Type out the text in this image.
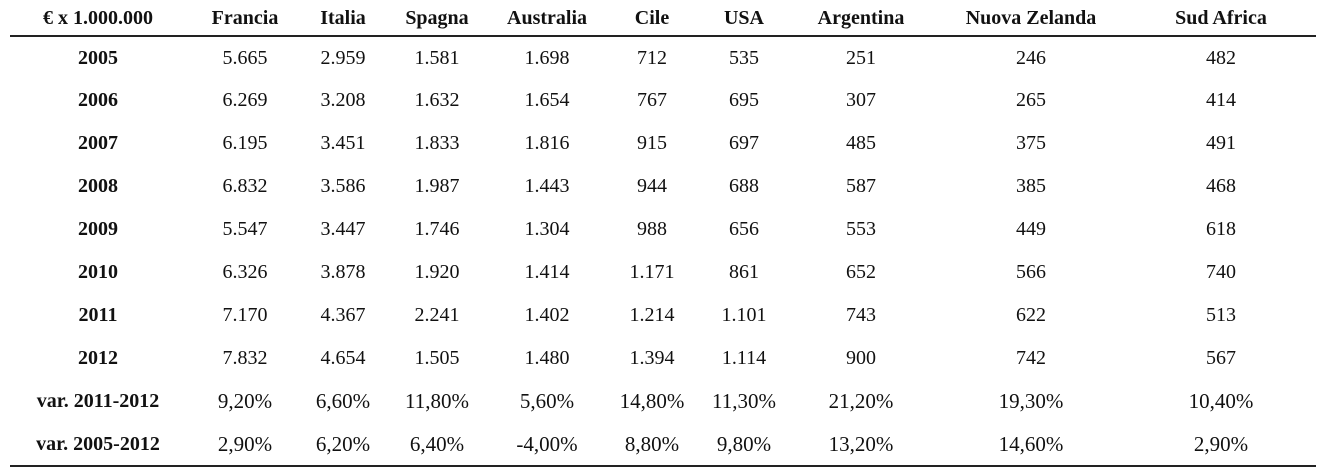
€ x 1.000.000	Francia	Italia	Spagna	Australia	Cile	USA	Argentina	Nuova Zelanda	Sud Africa
2005	5.665	2.959	1.581	1.698	712	535	251	246	482
2006	6.269	3.208	1.632	1.654	767	695	307	265	414
2007	6.195	3.451	1.833	1.816	915	697	485	375	491
2008	6.832	3.586	1.987	1.443	944	688	587	385	468
2009	5.547	3.447	1.746	1.304	988	656	553	449	618
2010	6.326	3.878	1.920	1.414	1.171	861	652	566	740
2011	7.170	4.367	2.241	1.402	1.214	1.101	743	622	513
2012	7.832	4.654	1.505	1.480	1.394	1.114	900	742	567
var. 2011-2012	9,20%	6,60%	11,80%	5,60%	14,80%	11,30%	21,20%	19,30%	10,40%
var. 2005-2012	2,90%	6,20%	6,40%	-4,00%	8,80%	9,80%	13,20%	14,60%	2,90%
